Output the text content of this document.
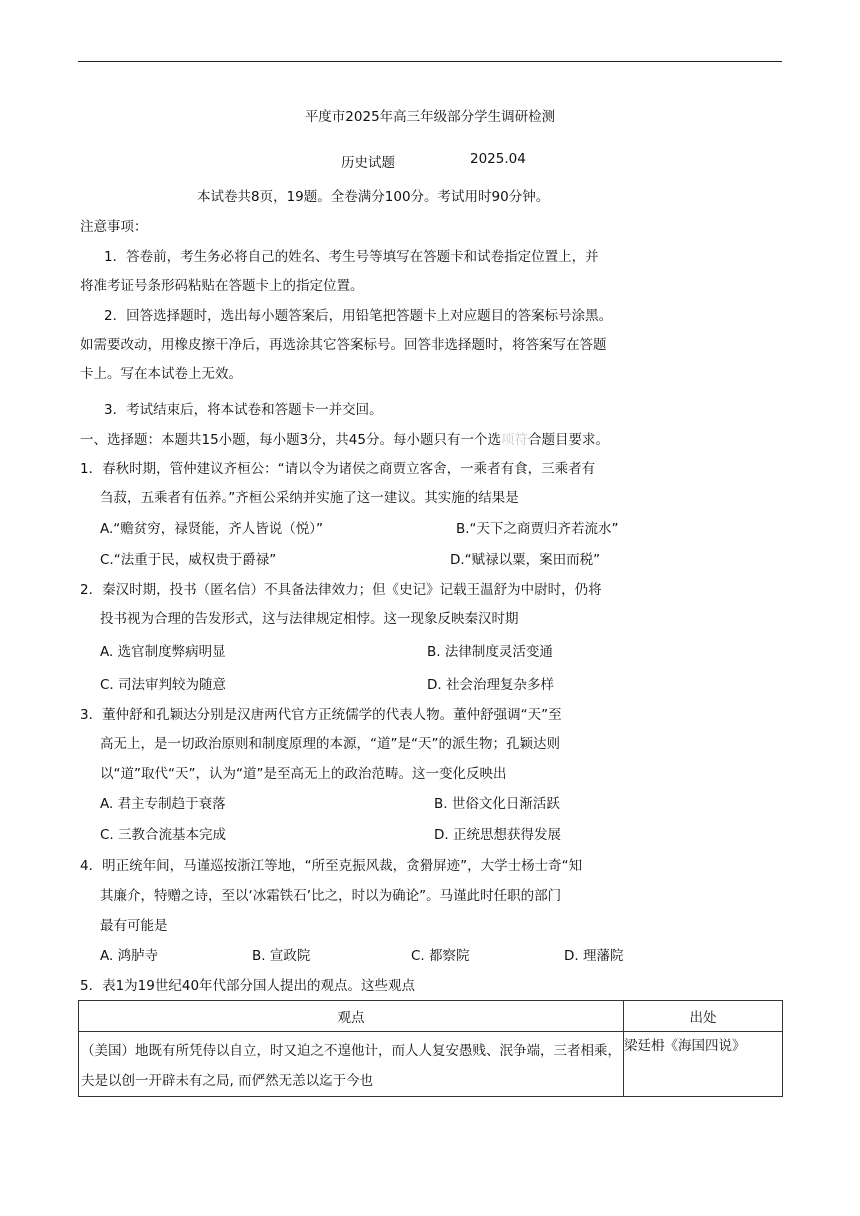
平度市2025年高三年级部分学生调研检测
历史试题	2025.04
本试卷共8页，19题。全卷满分100分。考试用时90分钟。
注意事项：
1．答卷前，考生务必将自己的姓名、考生号等填写在答题卡和试卷指定位置上，并
将准考证号条形码粘贴在答题卡上的指定位置。
2．回答选择题时，选出每小题答案后，用铅笔把答题卡上对应题目的答案标号涂黑。
如需要改动，用橡皮擦干净后，再选涂其它答案标号。回答非选择题时，将答案写在答题
卡上。写在本试卷上无效。
3．考试结束后，将本试卷和答题卡一并交回。
一、选择题：本题共15小题，每小题3分，共45分。每小题只有一个选项符合题目要求。
1．春秋时期，管仲建议齐桓公：“请以令为诸侯之商贾立客舍，一乘者有食，三乘者有
刍菽，五乘者有伍养。”齐桓公采纳并实施了这一建议。其实施的结果是
A.“赡贫穷，禄贤能，齐人皆说（悦）”	B.“天下之商贾归齐若流水”
C.“法重于民，威权贵于爵禄”	D.“赋禄以粟，案田而税”
2．秦汉时期，投书（匿名信）不具备法律效力；但《史记》记载王温舒为中尉时，仍将
投书视为合理的告发形式，这与法律规定相悖。这一现象反映秦汉时期
A. 选官制度弊病明显	B. 法律制度灵活变通
C. 司法审判较为随意	D. 社会治理复杂多样
3．董仲舒和孔颖达分别是汉唐两代官方正统儒学的代表人物。董仲舒强调“天”至
高无上，是一切政治原则和制度原理的本源，“道”是“天”的派生物；孔颖达则
以“道”取代“天”，认为“道”是至高无上的政治范畴。这一变化反映出
A. 君主专制趋于衰落	B. 世俗文化日渐活跃
C. 三教合流基本完成	D. 正统思想获得发展
4．明正统年间，马谨巡按浙江等地，“所至克振风裁，贪猾屏迹”，大学士杨士奇“知
其廉介，特赠之诗，至以‘冰霜铁石’比之，时以为确论”。马谨此时任职的部门
最有可能是
A. 鸿胪寺	B. 宣政院	C. 都察院	D. 理藩院
5．表1为19世纪40年代部分国人提出的观点。这些观点
观点	出处

（美国）地既有所凭侍以自立，时又迫之不遑他计，而人人复安愚贱、泯争端，三者相乘，夫是以创一开辟未有之局, 而俨然无恙以迄于今也	梁廷枏《海国四说》
